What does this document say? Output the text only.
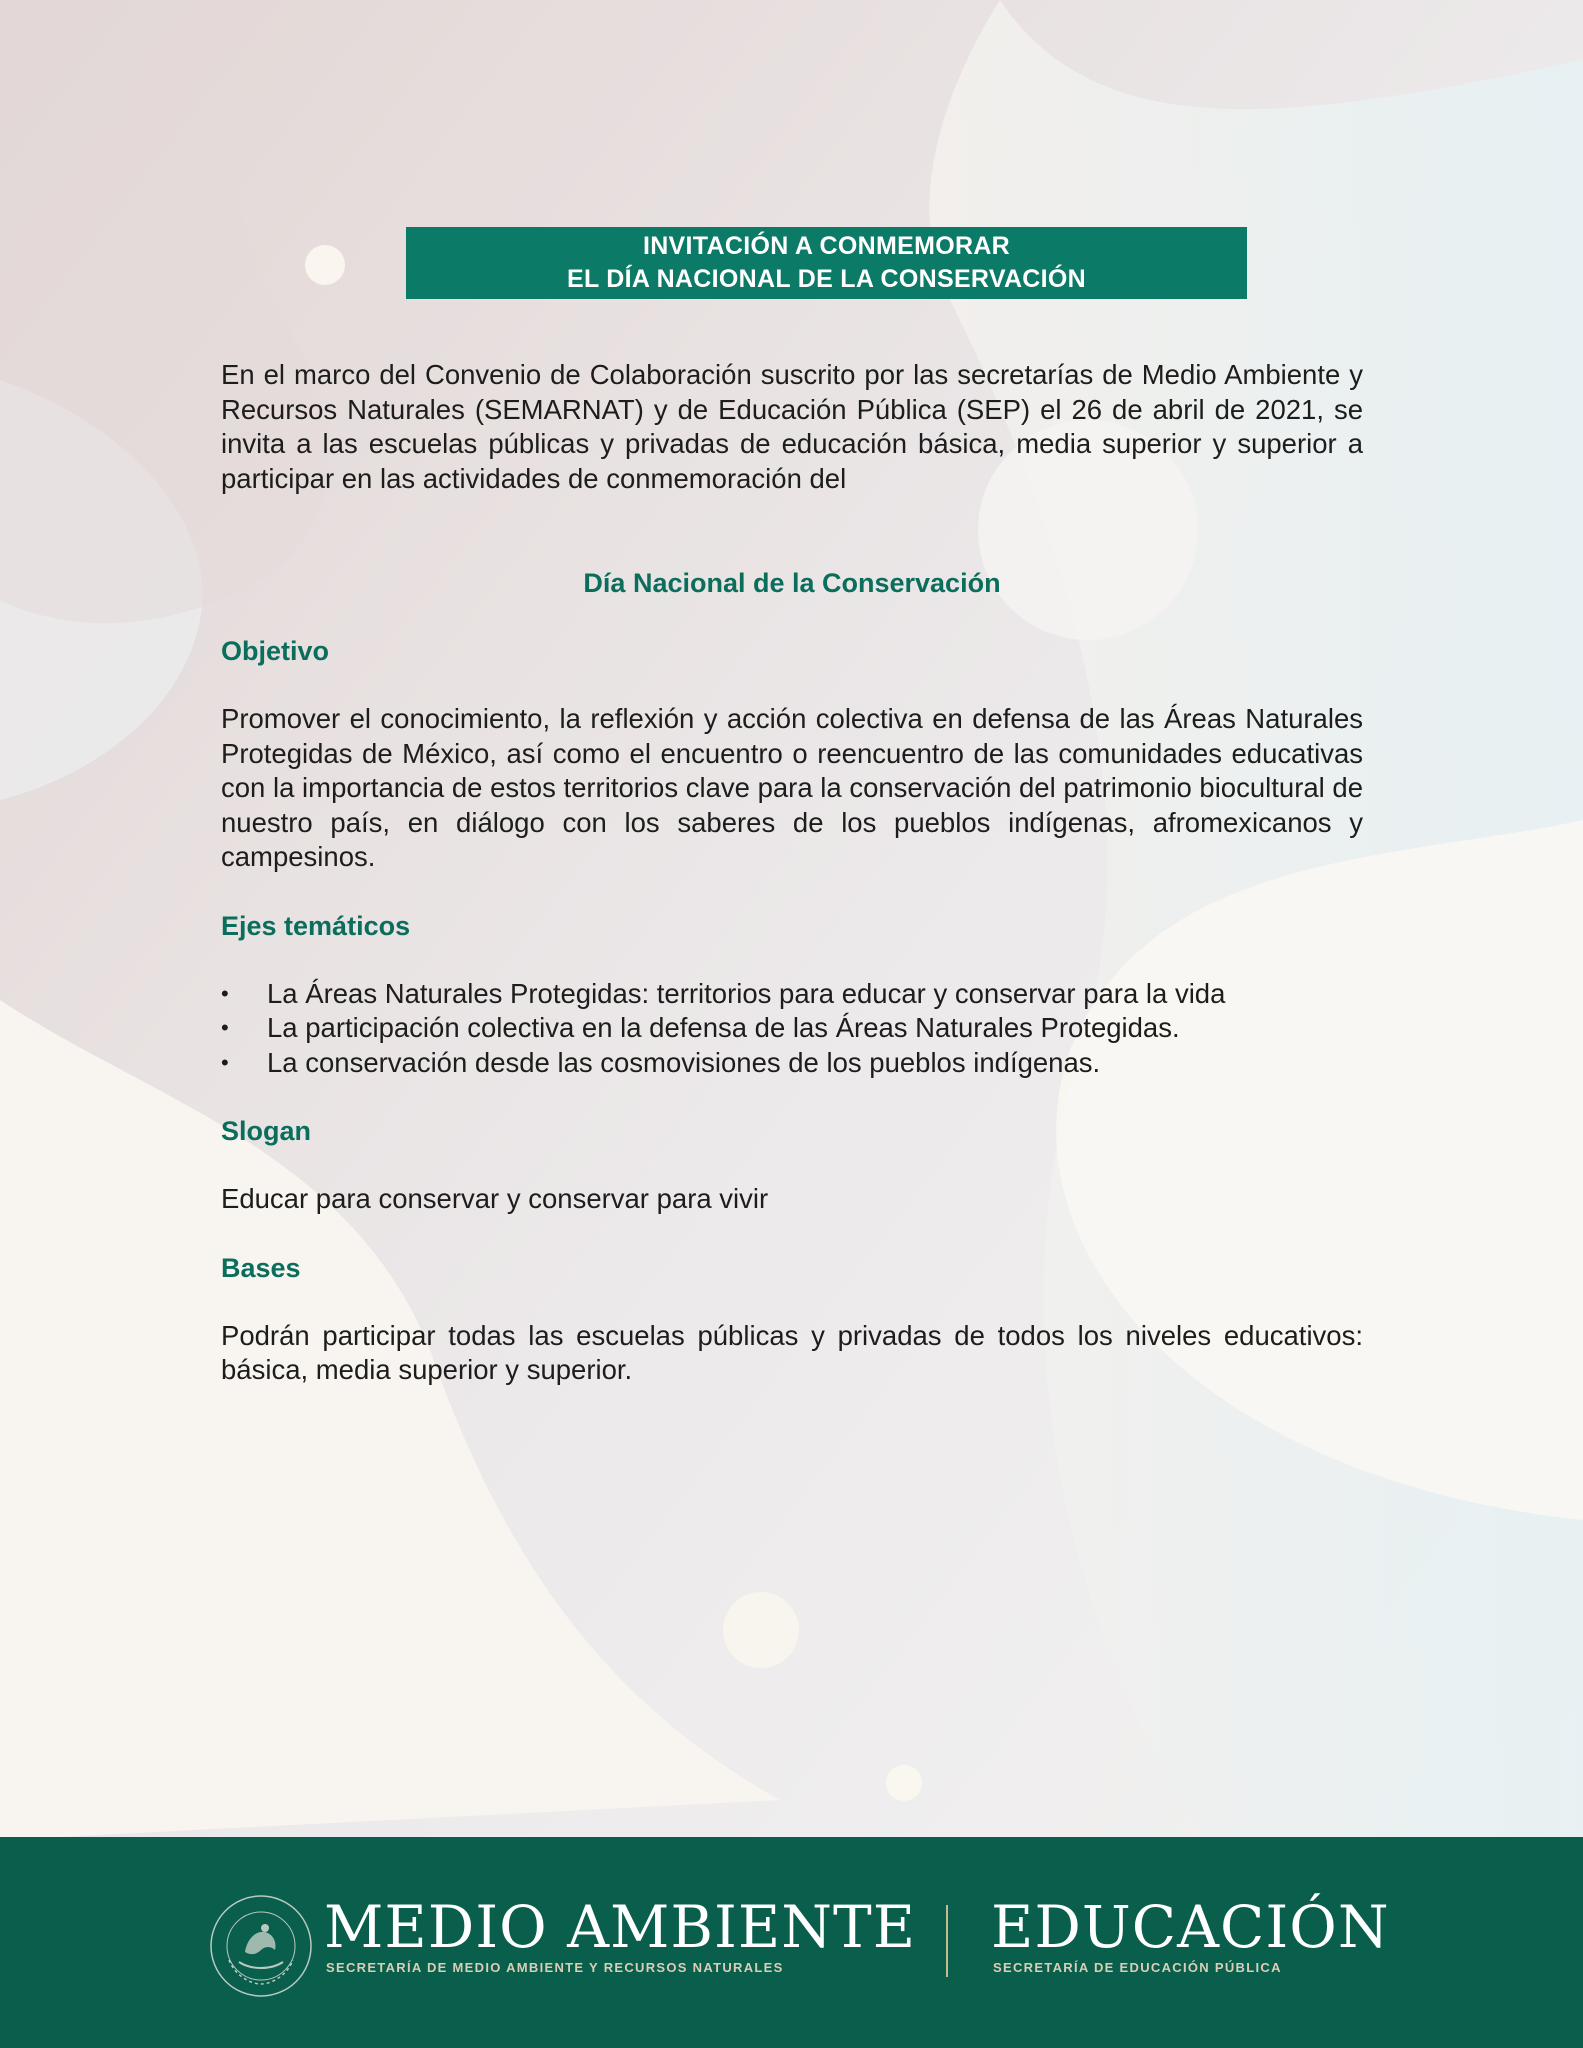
INVITACIÓN A CONMEMORAR
EL DÍA NACIONAL DE LA CONSERVACIÓN

En el marco del Convenio de Colaboración suscrito por las secretarías de Medio Ambiente y Recursos Naturales (SEMARNAT) y de Educación Pública (SEP) el 26 de abril de 2021, se invita a las escuelas públicas y privadas de educación básica, media superior y superior a participar en las actividades de conmemoración del

Día Nacional de la Conservación
Objetivo

Promover el conocimiento, la reflexión y acción colectiva en defensa de las Áreas Naturales Protegidas de México, así como el encuentro o reencuentro de las comunidades educativas con la importancia de estos territorios clave para la conservación del patrimonio biocultural de nuestro país, en diálogo con los saberes de los pueblos indígenas, afromexicanos y campesinos.

Ejes temáticos
•	La Áreas Naturales Protegidas: territorios para educar y conservar para la vida
•	La participación colectiva en la defensa de las Áreas Naturales Protegidas.
•	La conservación desde las cosmovisiones de los pueblos indígenas.
Slogan

Educar para conservar y conservar para vivir

Bases

Podrán participar todas las escuelas públicas y privadas de todos los niveles educativos: básica, media superior y superior.

MEDIO AMBIENTE
SECRETARÍA DE MEDIO AMBIENTE Y RECURSOS NATURALES
EDUCACIÓN
SECRETARÍA DE EDUCACIÓN PÚBLICA
